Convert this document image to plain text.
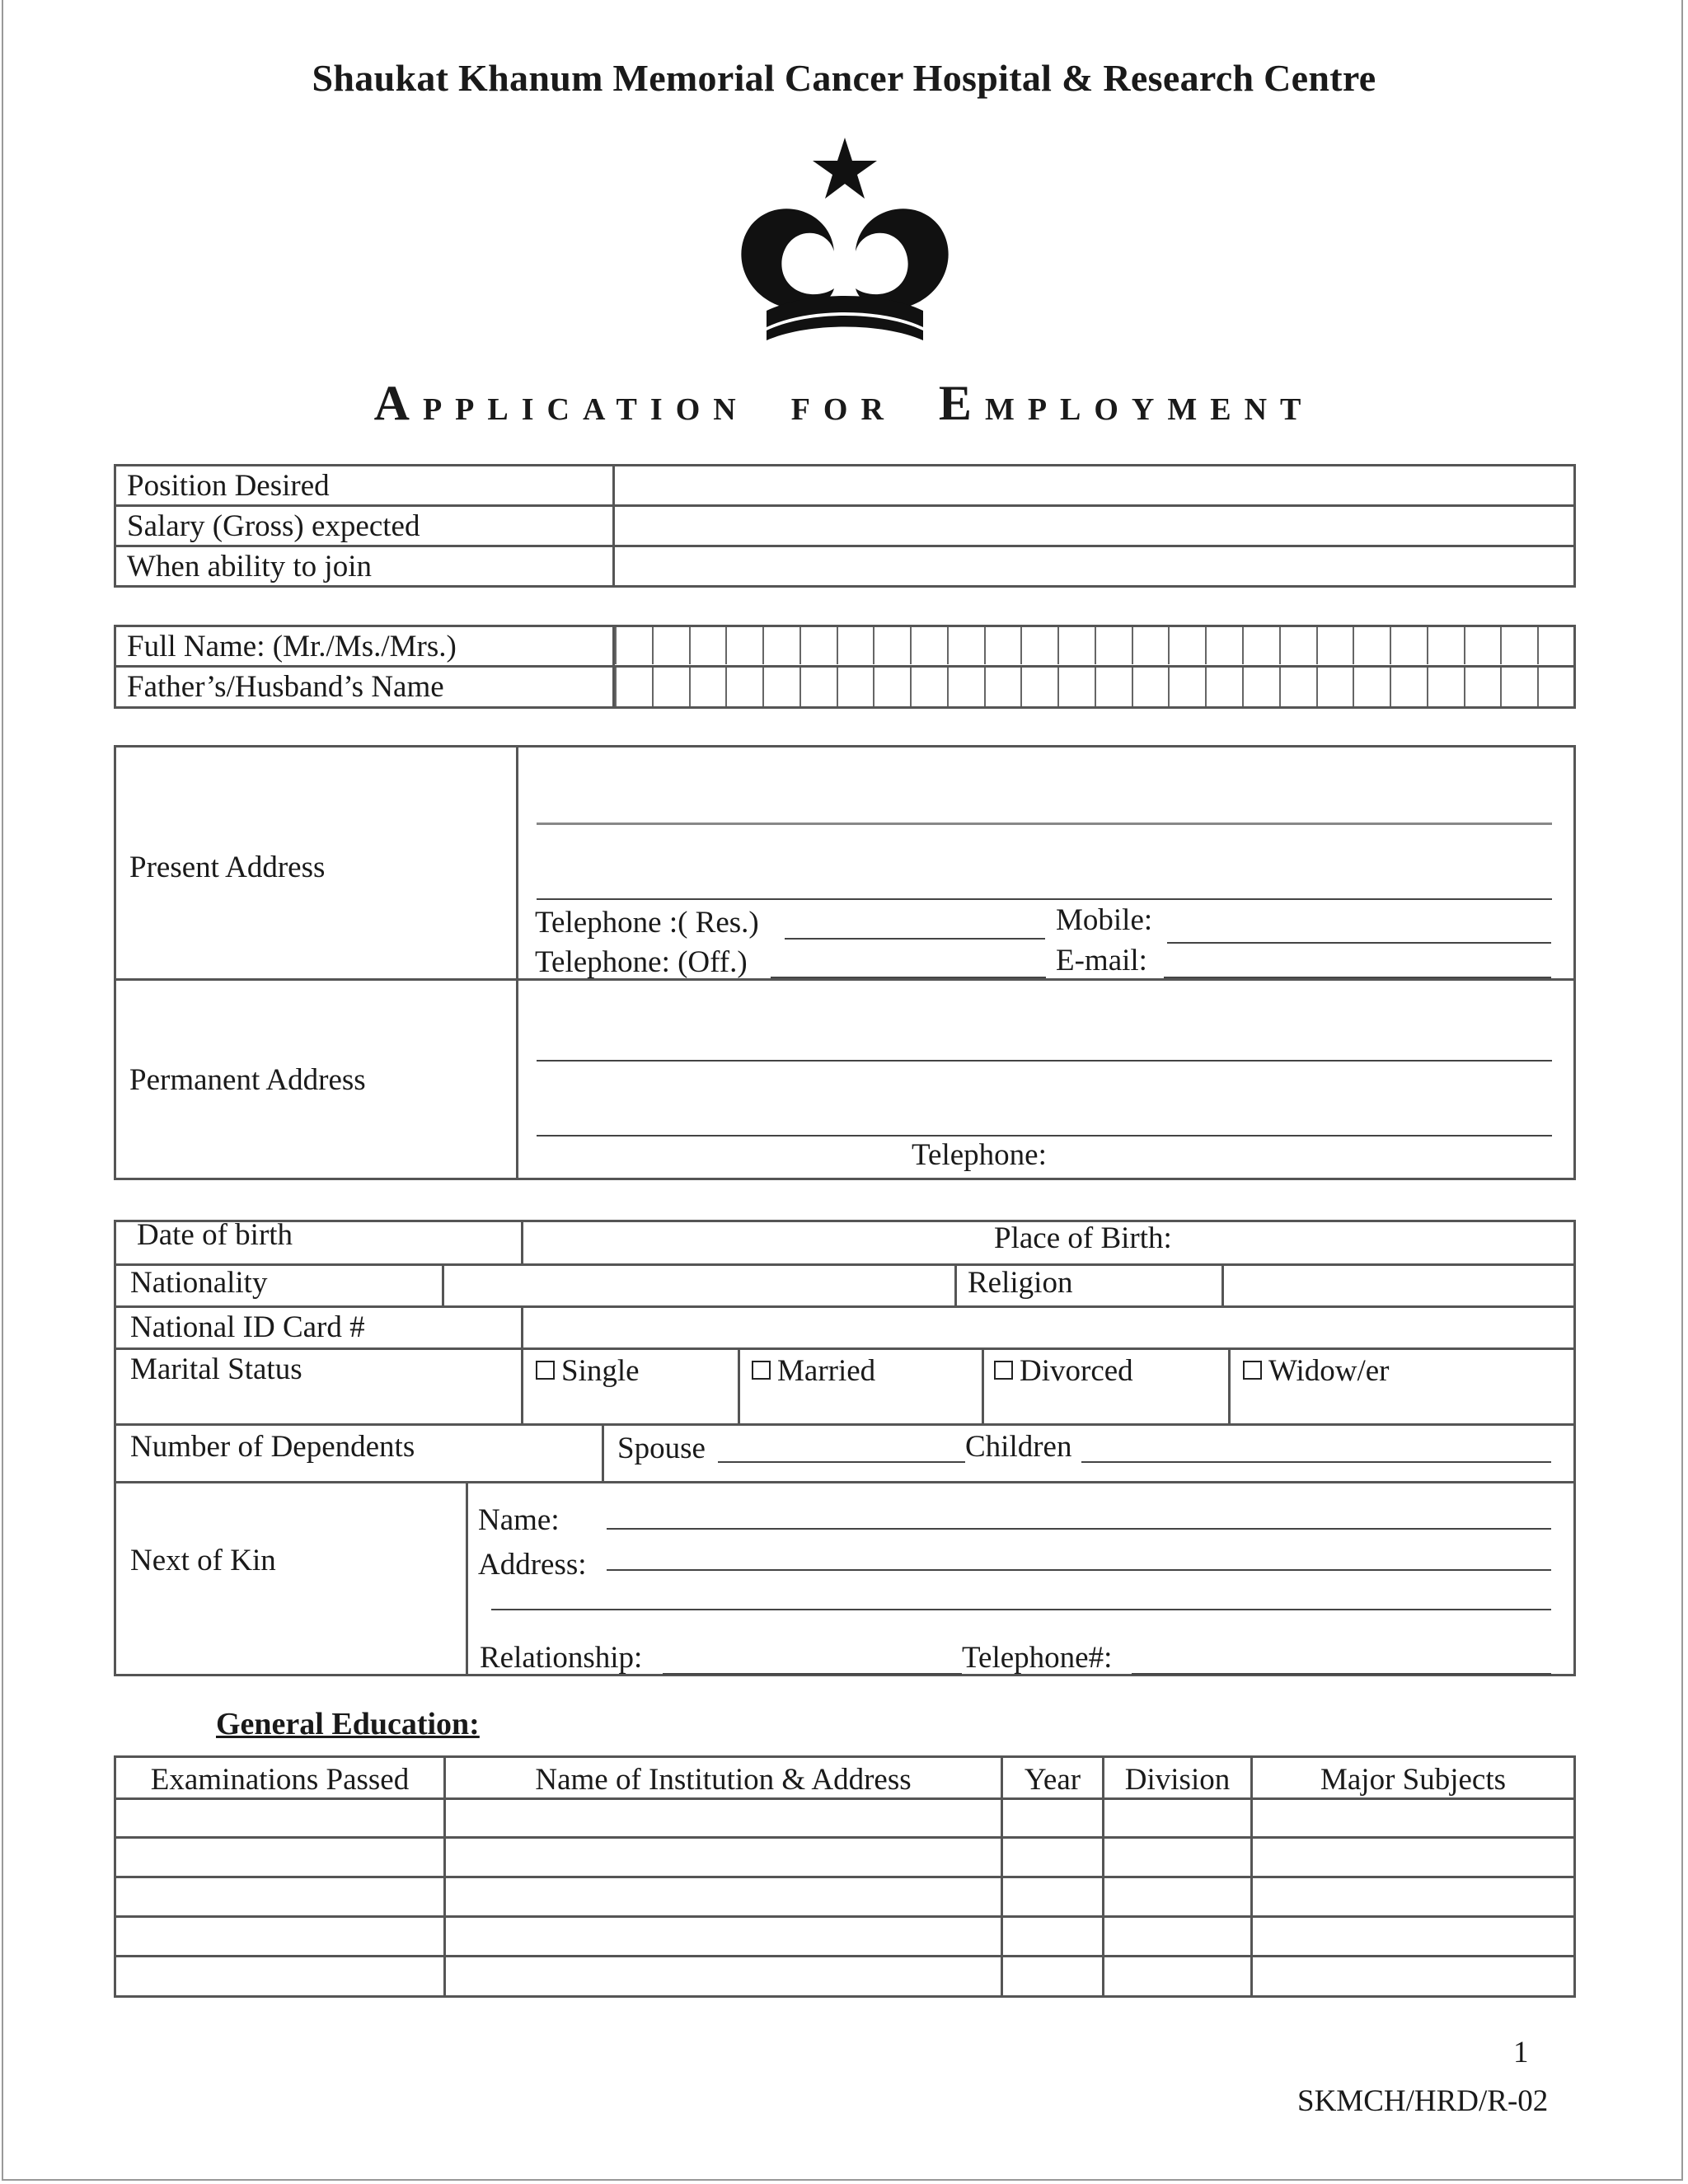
Shaukat Khanum Memorial Cancer Hospital & Research Centre
APPLICATION FOR EMPLOYMENT
Position Desired
Salary (Gross) expected
When ability to join
Full Name: (Mr./Ms./Mrs.)
Father’s/Husband’s Name
Present Address
Telephone :( Res.)	Mobile:
Telephone: (Off.)	E-mail:
Permanent Address
Telephone:
Date of birth	Place of Birth:
Nationality	Religion
National ID Card #
Marital Status	Single	Married	Divorced	Widow/er
Number of Dependents	Spouse	Children
Next of Kin
Name:
Address:
Relationship:	Telephone#:
General Education:
Examinations Passed	Name of Institution & Address	Year	Division	Major Subjects
1
SKMCH/HRD/R-02
